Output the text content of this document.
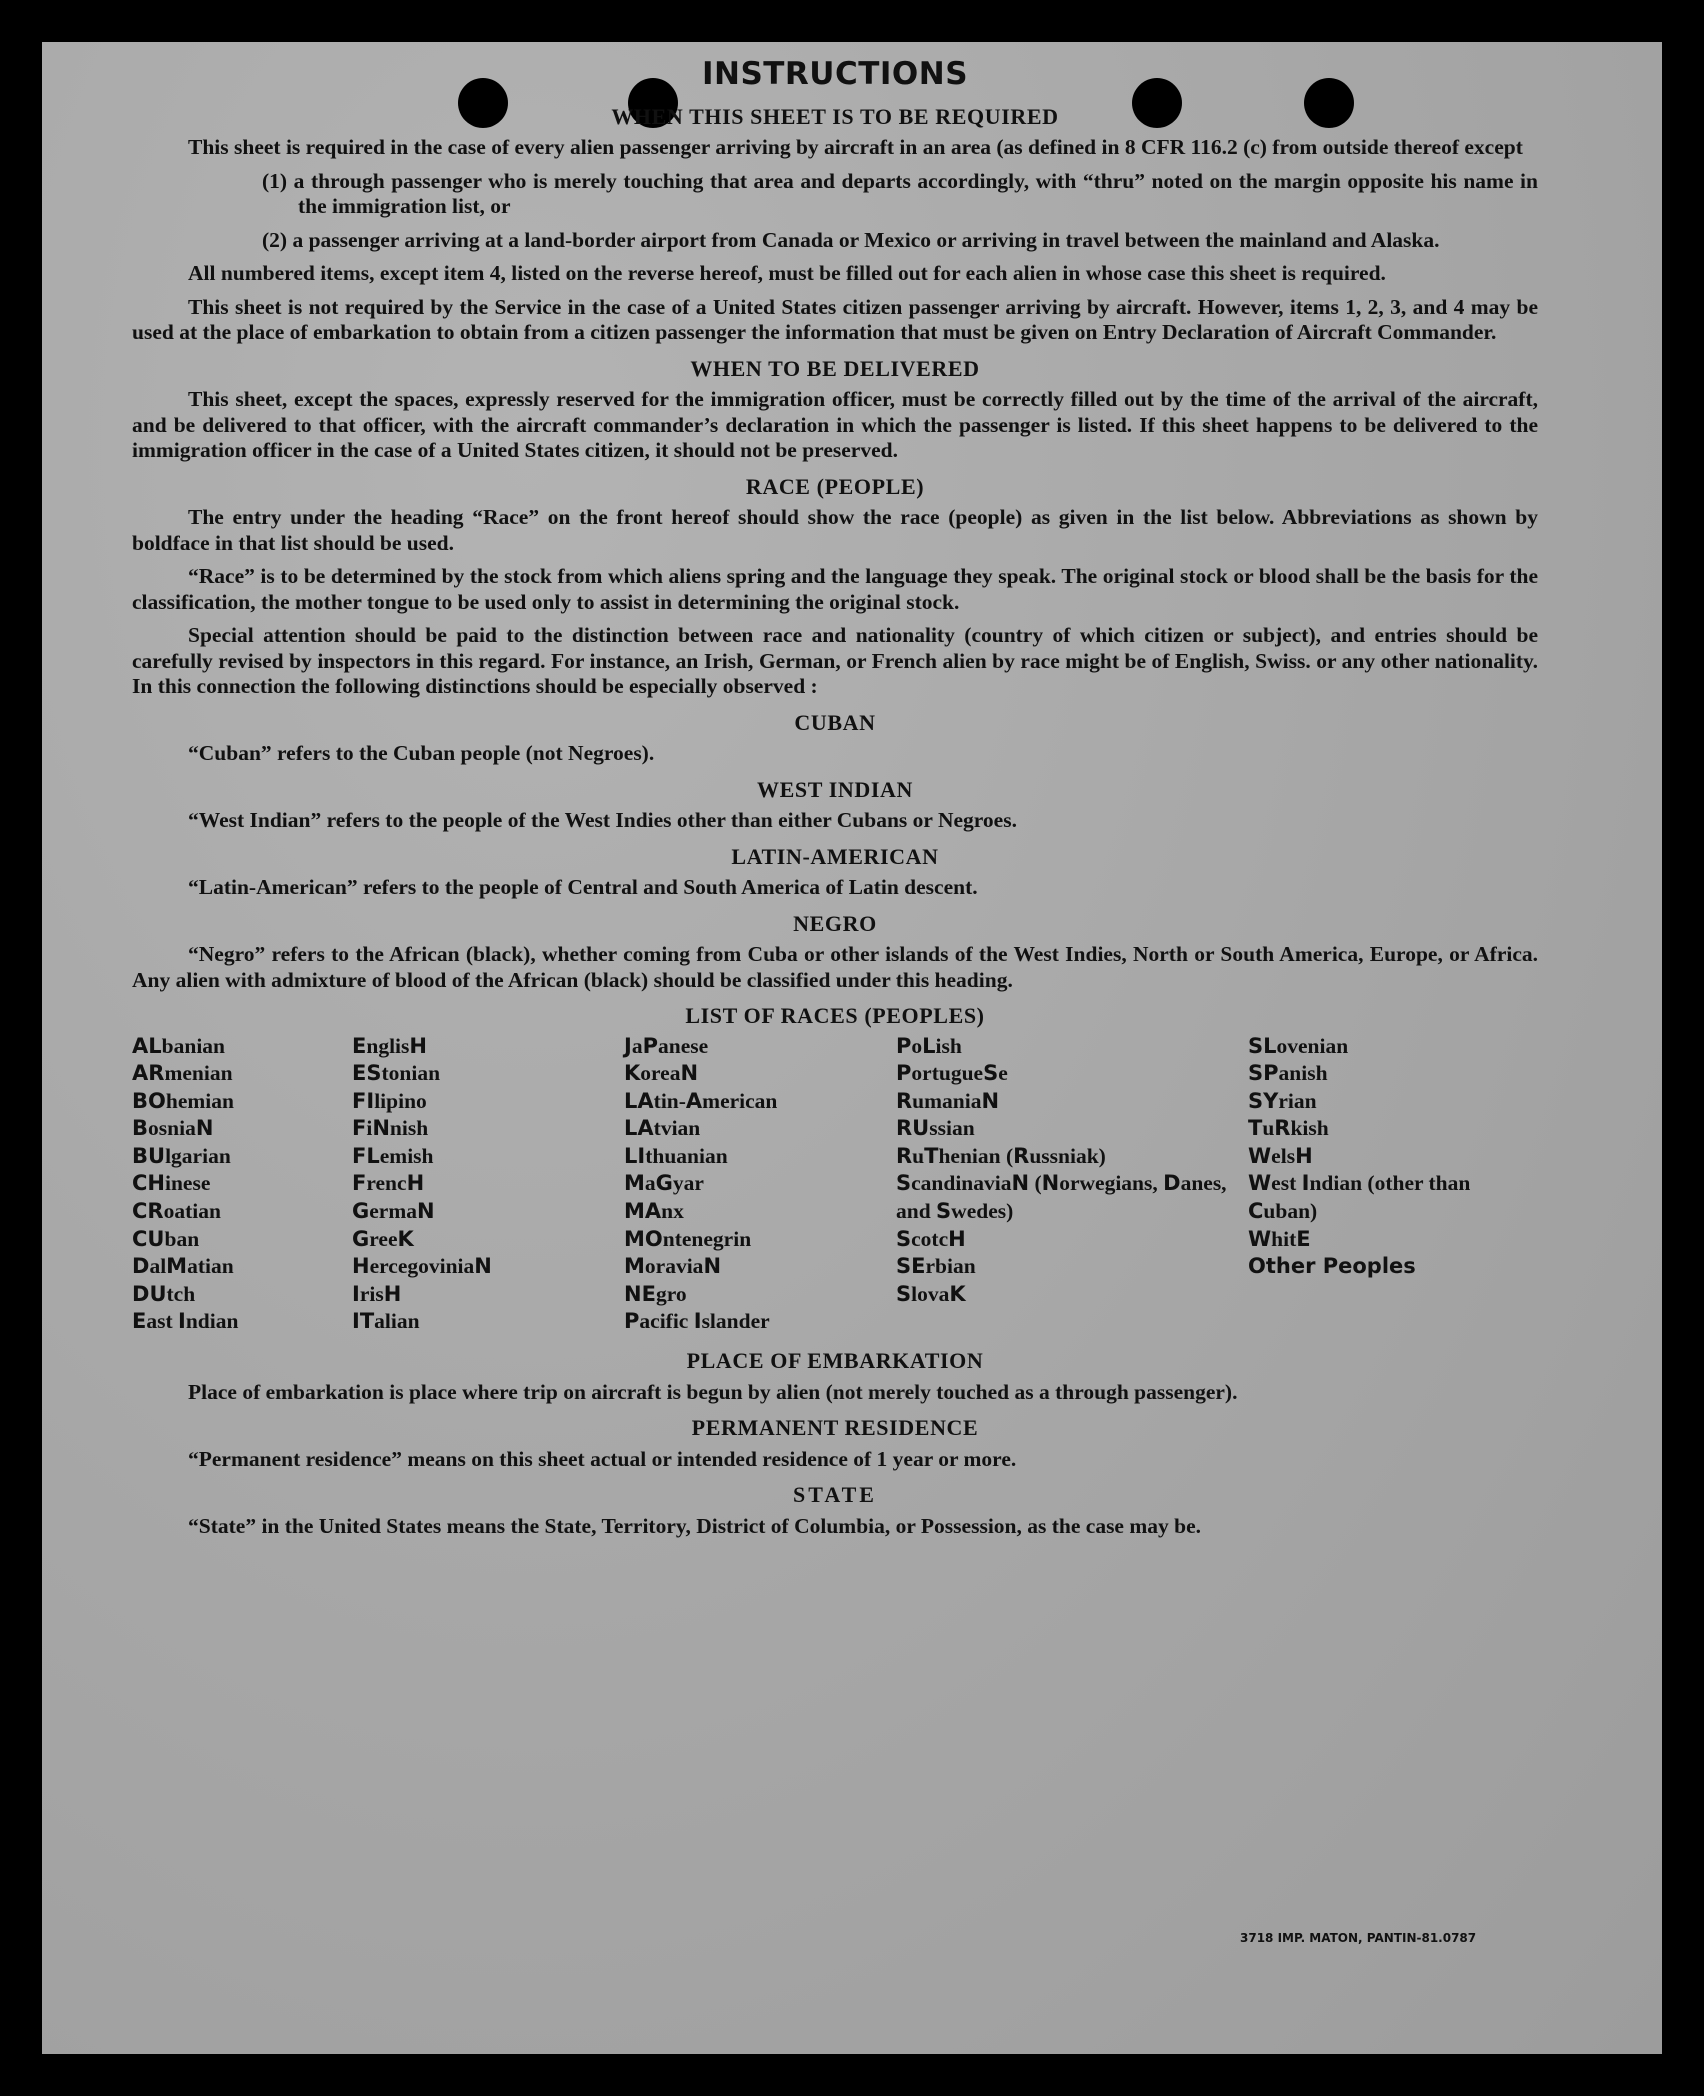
INSTRUCTIONS
WHEN THIS SHEET IS TO BE REQUIRED

This sheet is required in the case of every alien passenger arriving by aircraft in an area (as defined in 8 CFR 116.2 (c) from outside thereof except

(1) a through passenger who is merely touching that area and departs accordingly, with “thru” noted on the margin opposite his name in the immigration list, or

(2) a passenger arriving at a land-border airport from Canada or Mexico or arriving in travel between the mainland and Alaska.

All numbered items, except item 4, listed on the reverse hereof, must be filled out for each alien in whose case this sheet is required.

This sheet is not required by the Service in the case of a United States citizen passenger arriving by aircraft. However, items 1, 2, 3, and 4 may be used at the place of embarkation to obtain from a citizen passenger the information that must be given on Entry Declaration of Aircraft Commander.

WHEN TO BE DELIVERED

This sheet, except the spaces, expressly reserved for the immigration officer, must be correctly filled out by the time of the arrival of the aircraft, and be delivered to that officer, with the aircraft commander’s declaration in which the passenger is listed. If this sheet happens to be delivered to the immigration officer in the case of a United States citizen, it should not be preserved.

RACE (PEOPLE)

The entry under the heading “Race” on the front hereof should show the race (people) as given in the list below. Abbreviations as shown by boldface in that list should be used.

“Race” is to be determined by the stock from which aliens spring and the language they speak. The original stock or blood shall be the basis for the classification, the mother tongue to be used only to assist in determining the original stock.

Special attention should be paid to the distinction between race and nationality (country of which citizen or subject), and entries should be carefully revised by inspectors in this regard. For instance, an Irish, German, or French alien by race might be of English, Swiss. or any other nationality. In this connection the following distinctions should be especially observed :

CUBAN

“Cuban” refers to the Cuban people (not Negroes).

WEST INDIAN

“West Indian” refers to the people of the West Indies other than either Cubans or Negroes.

LATIN-AMERICAN

“Latin-American” refers to the people of Central and South America of Latin descent.

NEGRO

“Negro” refers to the African (black), whether coming from Cuba or other islands of the West Indies, North or South America, Europe, or Africa. Any alien with admixture of blood of the African (black) should be classified under this heading.

LIST OF RACES (PEOPLES)
ALbanian
ARmenian
BOhemian
BosniaN
BUlgarian
CHinese
CRoatian
CUban
DalMatian
DUtch
East Indian
EnglisH
EStonian
FIlipino
FiNnish
FLemish
FrencH
GermaN
GreeK
HercegoviniaN
IrisH
ITalian
JaPanese
KoreaN
LAtin-American
LAtvian
LIthuanian
MaGyar
MAnx
MOntenegrin
MoraviaN
NEgro
Pacific Islander
PoLish
PortugueSe
RumaniaN
RUssian
RuThenian (Russniak)
ScandinaviaN (Norwegians, Danes, and Swedes)
ScotcH
SErbian
SlovaK
SLovenian
SPanish
SYrian
TuRkish
WelsH
West Indian (other than Cuban)
WhitE
Other Peoples
PLACE OF EMBARKATION

Place of embarkation is place where trip on aircraft is begun by alien (not merely touched as a through passenger).

PERMANENT RESIDENCE

“Permanent residence” means on this sheet actual or intended residence of 1 year or more.

STATE

“State” in the United States means the State, Territory, District of Columbia, or Possession, as the case may be.

3718 IMP. MATON, PANTIN-81.0787
